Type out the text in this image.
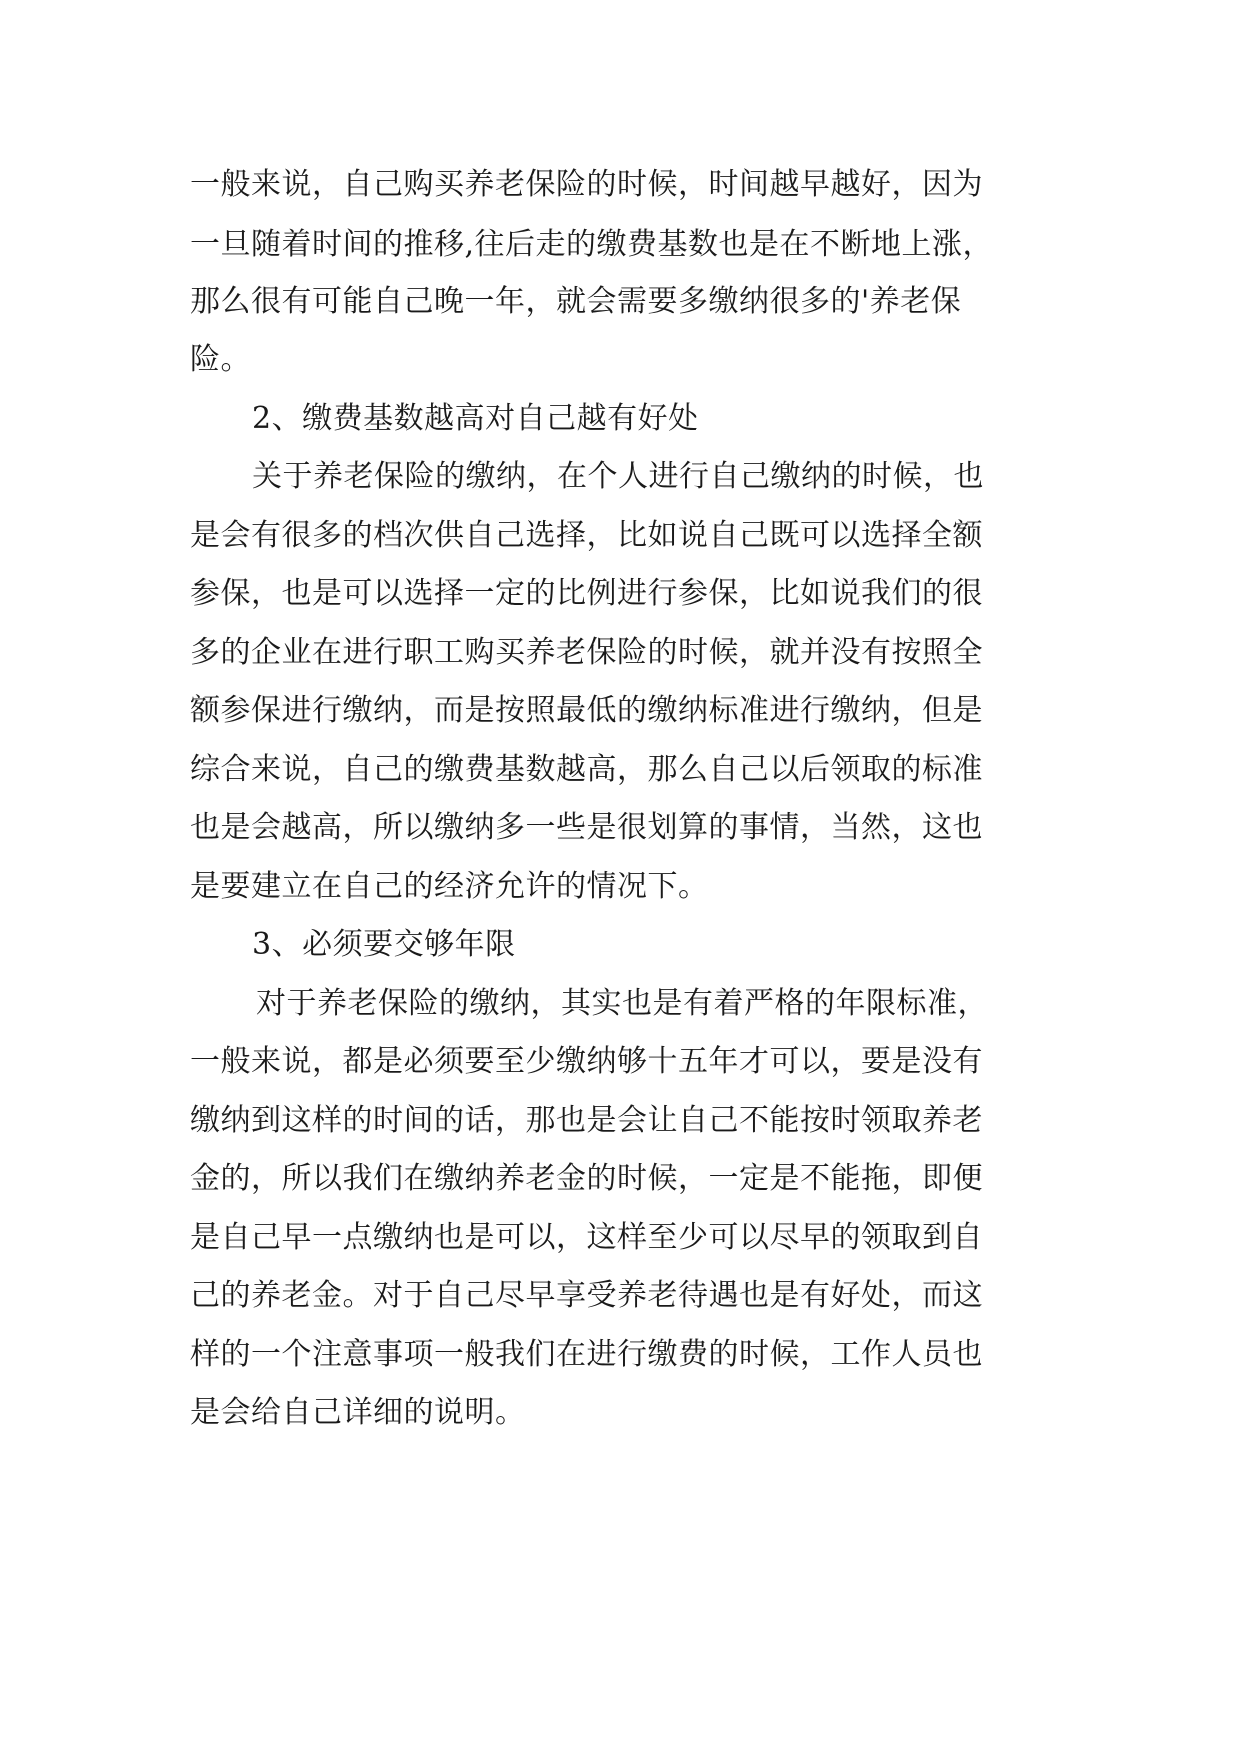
一般来说，自己购买养老保险的时候，时间越早越好，因为
一旦随着时间的推移,往后走的缴费基数也是在不断地上涨，
那么很有可能自己晚一年，就会需要多缴纳很多的'养老保
险。
2、缴费基数越高对自己越有好处
关于养老保险的缴纳，在个人进行自己缴纳的时候，也
是会有很多的档次供自己选择，比如说自己既可以选择全额
参保，也是可以选择一定的比例进行参保，比如说我们的很
多的企业在进行职工购买养老保险的时候，就并没有按照全
额参保进行缴纳，而是按照最低的缴纳标准进行缴纳，但是
综合来说，自己的缴费基数越高，那么自己以后领取的标准
也是会越高，所以缴纳多一些是很划算的事情，当然，这也
是要建立在自己的经济允许的情况下。
3、必须要交够年限
对于养老保险的缴纳，其实也是有着严格的年限标准，
一般来说，都是必须要至少缴纳够十五年才可以，要是没有
缴纳到这样的时间的话，那也是会让自己不能按时领取养老
金的，所以我们在缴纳养老金的时候，一定是不能拖，即便
是自己早一点缴纳也是可以，这样至少可以尽早的领取到自
己的养老金。对于自己尽早享受养老待遇也是有好处，而这
样的一个注意事项一般我们在进行缴费的时候，工作人员也
是会给自己详细的说明。
